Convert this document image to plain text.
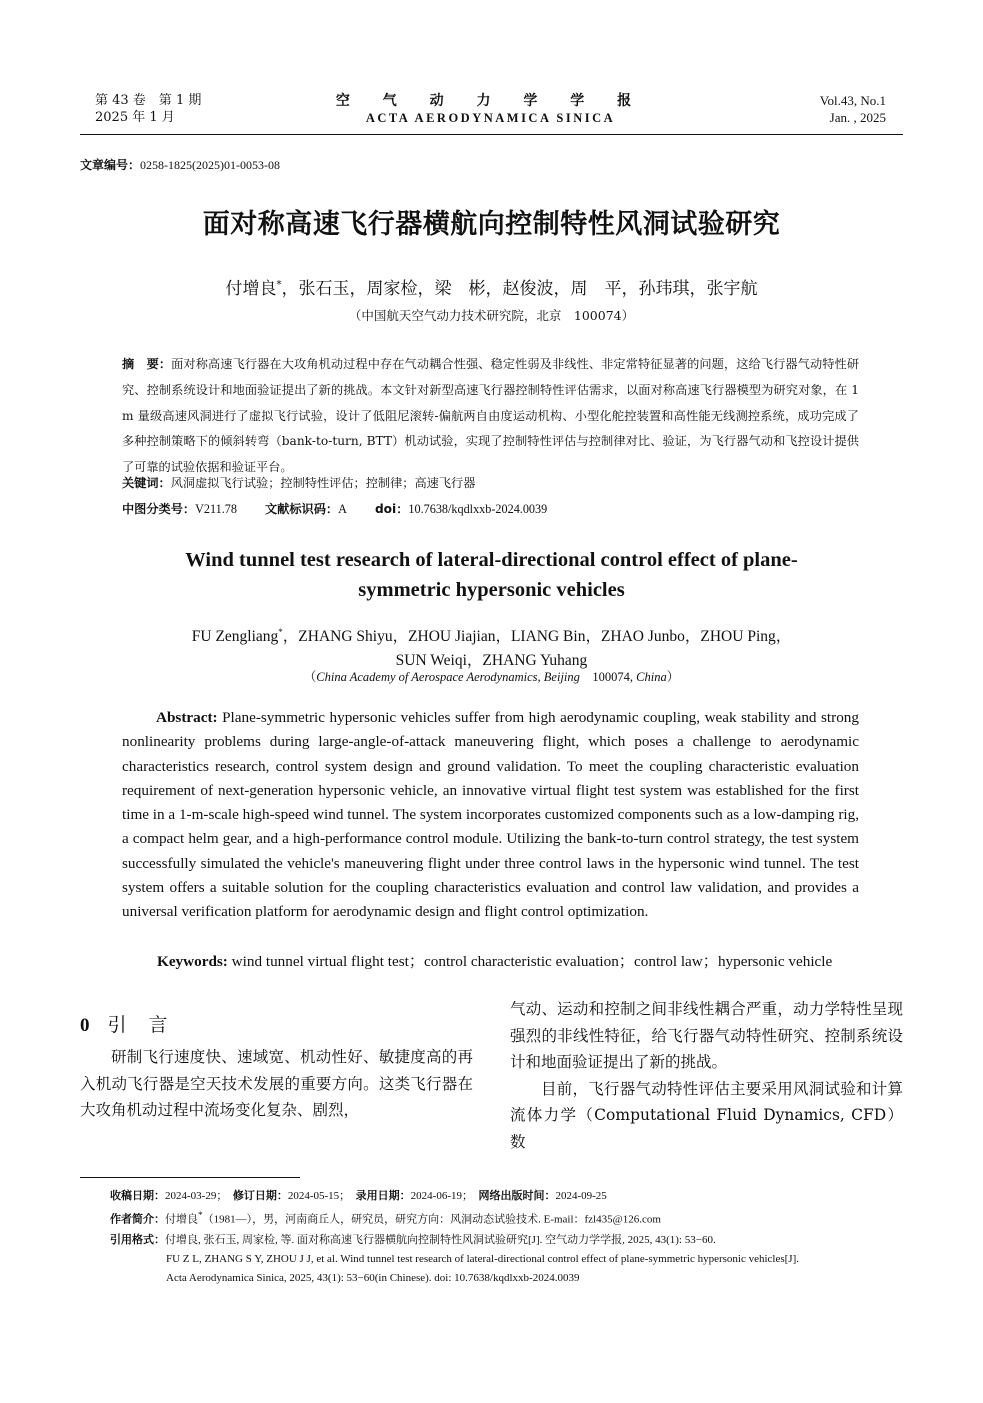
第 43 卷　第 1 期
2025 年 1 月
空 气 动 力 学 学 报
ACTA AERODYNAMICA SINICA
Vol.43, No.1
Jan. , 2025
文章编号：0258-1825(2025)01-0053-08
面对称高速飞行器横航向控制特性风洞试验研究
付增良*，张石玉，周家检，梁　彬，赵俊波，周　平，孙玮琪，张宇航
（中国航天空气动力技术研究院，北京　100074）
摘　要：面对称高速飞行器在大攻角机动过程中存在气动耦合性强、稳定性弱及非线性、非定常特征显著的问题，这给飞行器气动特性研究、控制系统设计和地面验证提出了新的挑战。本文针对新型高速飞行器控制特性评估需求，以面对称高速飞行器模型为研究对象，在 1 m 量级高速风洞进行了虚拟飞行试验，设计了低阻尼滚转-偏航两自由度运动机构、小型化舵控装置和高性能无线测控系统，成功完成了多种控制策略下的倾斜转弯（bank-to-turn, BTT）机动试验，实现了控制特性评估与控制律对比、验证，为飞行器气动和飞控设计提供了可靠的试验依据和验证平台。
关键词：风洞虚拟飞行试验；控制特性评估；控制律；高速飞行器
中图分类号：V211.78 文献标识码：A doi：10.7638/kqdlxxb-2024.0039
Wind tunnel test research of lateral-directional control effect of plane-symmetric hypersonic vehicles
FU Zengliang*，ZHANG Shiyu，ZHOU Jiajian，LIANG Bin，ZHAO Junbo，ZHOU Ping，
SUN Weiqi，ZHANG Yuhang
（China Academy of Aerospace Aerodynamics, Beijing　100074, China）
Abstract: Plane-symmetric hypersonic vehicles suffer from high aerodynamic coupling, weak stability and strong nonlinearity problems during large-angle-of-attack maneuvering flight, which poses a challenge to aerodynamic characteristics research, control system design and ground validation. To meet the coupling characteristic evaluation requirement of next-generation hypersonic vehicle, an innovative virtual flight test system was established for the first time in a 1-m-scale high-speed wind tunnel. The system incorporates customized components such as a low-damping rig, a compact helm gear, and a high-performance control module. Utilizing the bank-to-turn control strategy, the test system successfully simulated the vehicle's maneuvering flight under three control laws in the hypersonic wind tunnel. The test system offers a suitable solution for the coupling characteristics evaluation and control law validation, and provides a universal verification platform for aerodynamic design and flight control optimization.
Keywords: wind tunnel virtual flight test；control characteristic evaluation；control law；hypersonic vehicle
0 引言

研制飞行速度快、速域宽、机动性好、敏捷度高的再入机动飞行器是空天技术发展的重要方向。这类飞行器在大攻角机动过程中流场变化复杂、剧烈，

气动、运动和控制之间非线性耦合严重，动力学特性呈现强烈的非线性特征，给飞行器气动特性研究、控制系统设计和地面验证提出了新的挑战。

目前，飞行器气动特性评估主要采用风洞试验和计算流体力学（Computational Fluid Dynamics, CFD）数

收稿日期：2024-03-29；　修订日期：2024-05-15；　录用日期：2024-06-19；　网络出版时间：2024-09-25
作者简介：付增良*（1981—），男，河南商丘人，研究员，研究方向：风洞动态试验技术. E-mail：fzl435@126.com
引用格式：付增良, 张石玉, 周家检, 等. 面对称高速飞行器横航向控制特性风洞试验研究[J]. 空气动力学学报, 2025, 43(1): 53−60.
FU Z L, ZHANG S Y, ZHOU J J, et al. Wind tunnel test research of lateral-directional control effect of plane-symmetric hypersonic vehicles[J].
Acta Aerodynamica Sinica, 2025, 43(1): 53−60(in Chinese). doi: 10.7638/kqdlxxb-2024.0039
